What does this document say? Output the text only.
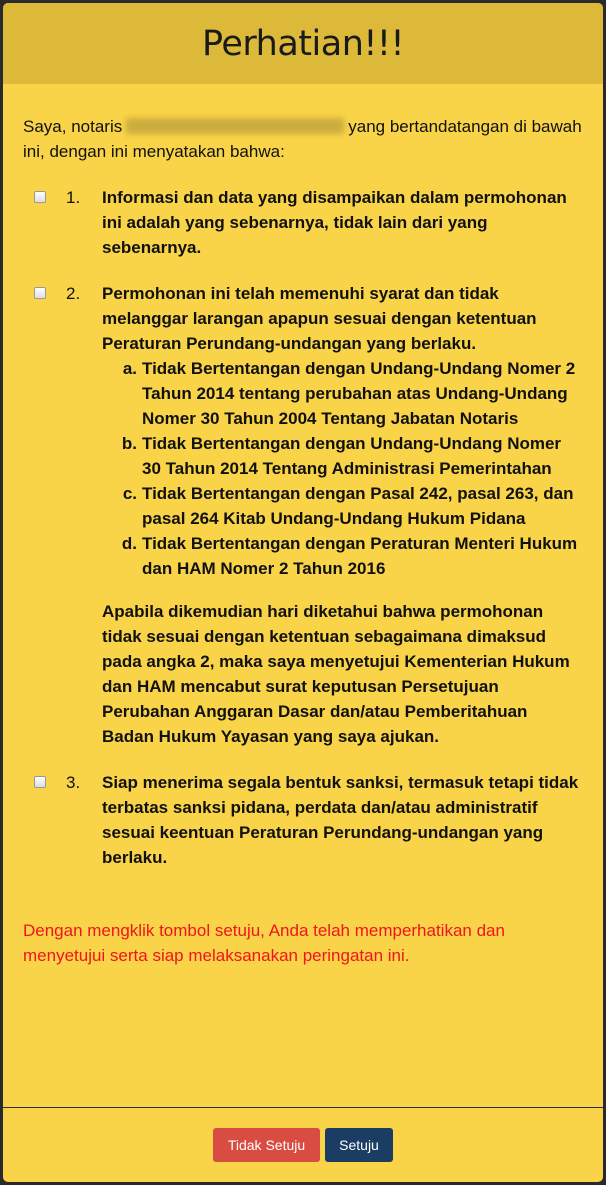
Perhatian!!!

Saya, notaris	yang bertandatangan di bawah ini, dengan ini menyatakan bahwa:

1. Informasi dan data yang disampaikan dalam permohonan ini adalah yang sebenarnya, tidak lain dari yang sebenarnya.
2. Permohonan ini telah memenuhi syarat dan tidak melanggar larangan apapun sesuai dengan ketentuan Peraturan Perundang-undangan yang berlaku.
a. Tidak Bertentangan dengan Undang-Undang Nomer 2 Tahun 2014 tentang perubahan atas Undang-Undang Nomer 30 Tahun 2004 Tentang Jabatan Notaris
b. Tidak Bertentangan dengan Undang-Undang Nomer 30 Tahun 2014 Tentang Administrasi Pemerintahan
c. Tidak Bertentangan dengan Pasal 242, pasal 263, dan pasal 264 Kitab Undang-Undang Hukum Pidana
d. Tidak Bertentangan dengan Peraturan Menteri Hukum dan HAM Nomer 2 Tahun 2016

Apabila dikemudian hari diketahui bahwa permohonan tidak sesuai dengan ketentuan sebagaimana dimaksud pada angka 2, maka saya menyetujui Kementerian Hukum dan HAM mencabut surat keputusan Persetujuan Perubahan Anggaran Dasar dan/atau Pemberitahuan Badan Hukum Yayasan yang saya ajukan.

3. Siap menerima segala bentuk sanksi, termasuk tetapi tidak terbatas sanksi pidana, perdata dan/atau administratif sesuai keentuan Peraturan Perundang-undangan yang berlaku.

Dengan mengklik tombol setuju, Anda telah memperhatikan dan menyetujui serta siap melaksanakan peringatan ini.

Tidak Setuju	Setuju
